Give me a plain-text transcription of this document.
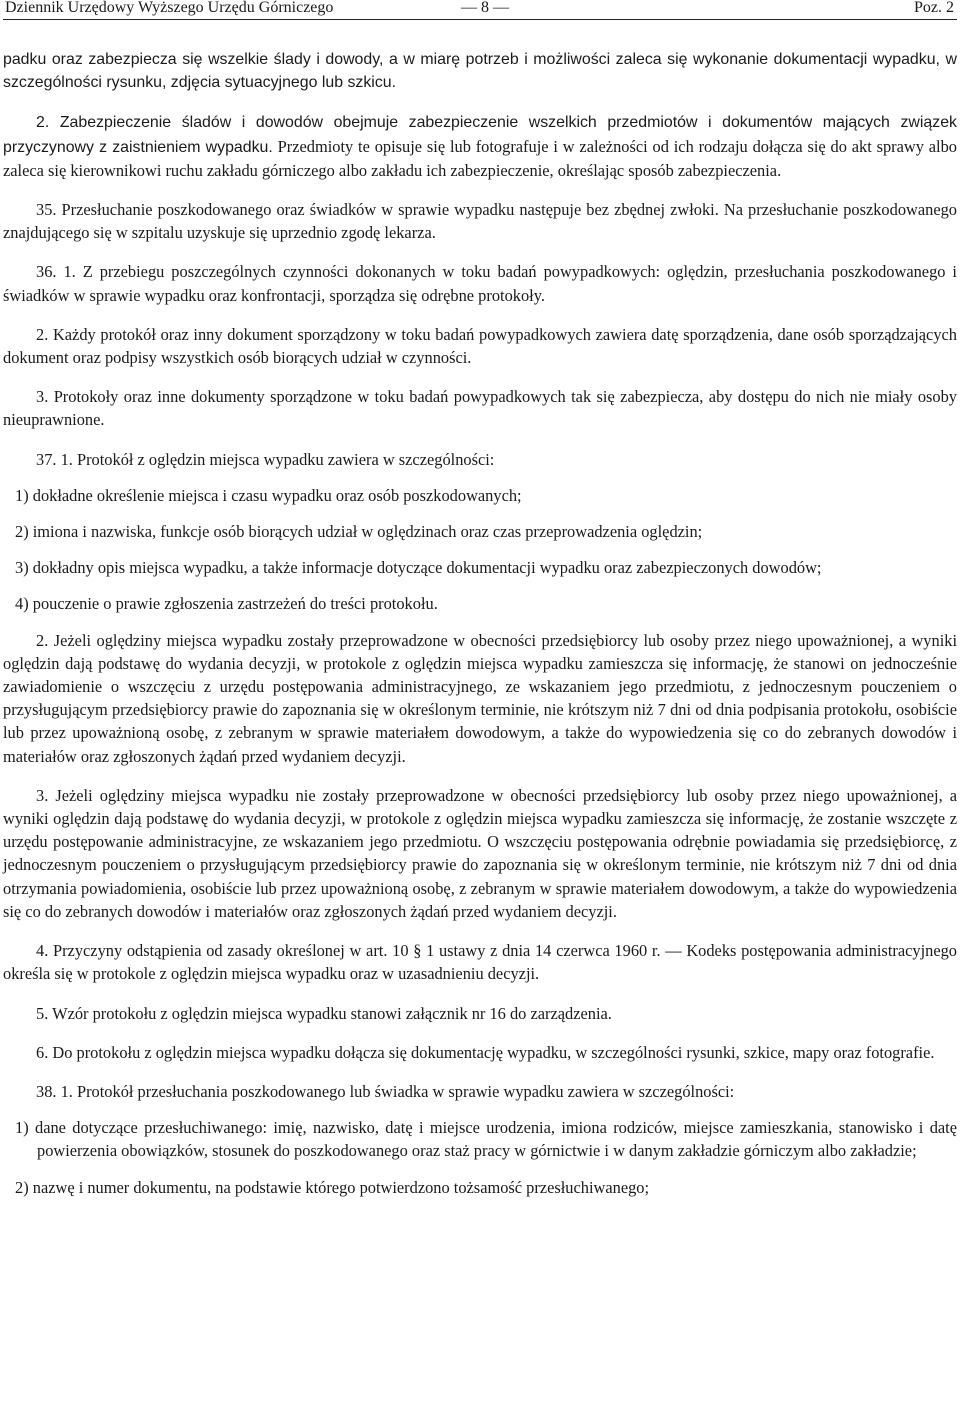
Dziennik Urzędowy Wyższego Urzędu Górniczego	— 8 —	Poz. 2

padku oraz zabezpiecza się wszelkie ślady i dowody, a w miarę potrzeb i możliwości zaleca się wykonanie dokumentacji wypadku, w szczególności rysunku, zdjęcia sytuacyjnego lub szkicu.

2. Zabezpieczenie śladów i dowodów obejmuje zabezpieczenie wszelkich przedmiotów i dokumentów mających związek przyczynowy z zaistnieniem wypadku. Przedmioty te opisuje się lub fotografuje i w zależności od ich rodzaju dołącza się do akt sprawy albo zaleca się kierownikowi ruchu zakładu górniczego albo zakładu ich zabezpieczenie, określając sposób zabezpieczenia.

35. Przesłuchanie poszkodowanego oraz świadków w sprawie wypadku następuje bez zbędnej zwłoki. Na przesłuchanie poszkodowanego znajdującego się w szpitalu uzyskuje się uprzednio zgodę lekarza.

36. 1. Z przebiegu poszczególnych czynności dokonanych w toku badań powypadkowych: oględzin, przesłuchania poszkodowanego i świadków w sprawie wypadku oraz konfrontacji, sporządza się odrębne protokoły.

2. Każdy protokół oraz inny dokument sporządzony w toku badań powypadkowych zawiera datę sporządzenia, dane osób sporządzających dokument oraz podpisy wszystkich osób biorących udział w czynności.

3. Protokoły oraz inne dokumenty sporządzone w toku badań powypadkowych tak się zabezpiecza, aby dostępu do nich nie miały osoby nieuprawnione.

37. 1. Protokół z oględzin miejsca wypadku zawiera w szczególności:

1) dokładne określenie miejsca i czasu wypadku oraz osób poszkodowanych;

2) imiona i nazwiska, funkcje osób biorących udział w oględzinach oraz czas przeprowadzenia oględzin;

3) dokładny opis miejsca wypadku, a także informacje dotyczące dokumentacji wypadku oraz zabezpieczonych dowodów;

4) pouczenie o prawie zgłoszenia zastrzeżeń do treści protokołu.

2. Jeżeli oględziny miejsca wypadku zostały przeprowadzone w obecności przedsiębiorcy lub osoby przez niego upoważnionej, a wyniki oględzin dają podstawę do wydania decyzji, w protokole z oględzin miejsca wypadku zamieszcza się informację, że stanowi on jednocześnie zawiadomienie o wszczęciu z urzędu postępowania administracyjnego, ze wskazaniem jego przedmiotu, z jednoczesnym pouczeniem o przysługującym przedsiębiorcy prawie do zapoznania się w określonym terminie, nie krótszym niż 7 dni od dnia podpisania protokołu, osobiście lub przez upoważnioną osobę, z zebranym w sprawie materiałem dowodowym, a także do wypowiedzenia się co do zebranych dowodów i materiałów oraz zgłoszonych żądań przed wydaniem decyzji.

3. Jeżeli oględziny miejsca wypadku nie zostały przeprowadzone w obecności przedsiębiorcy lub osoby przez niego upoważnionej, a wyniki oględzin dają podstawę do wydania decyzji, w protokole z oględzin miejsca wypadku zamieszcza się informację, że zostanie wszczęte z urzędu postępowanie administracyjne, ze wskazaniem jego przedmiotu. O wszczęciu postępowania odrębnie powiadamia się przedsiębiorcę, z jednoczesnym pouczeniem o przysługującym przedsiębiorcy prawie do zapoznania się w określonym terminie, nie krótszym niż 7 dni od dnia otrzymania powiadomienia, osobiście lub przez upoważnioną osobę, z zebranym w sprawie materiałem dowodowym, a także do wypowiedzenia się co do zebranych dowodów i materiałów oraz zgłoszonych żądań przed wydaniem decyzji.

4. Przyczyny odstąpienia od zasady określonej w art. 10 § 1 ustawy z dnia 14 czerwca 1960 r. — Kodeks postępowania administracyjnego określa się w protokole z oględzin miejsca wypadku oraz w uzasadnieniu decyzji.

5. Wzór protokołu z oględzin miejsca wypadku stanowi załącznik nr 16 do zarządzenia.

6. Do protokołu z oględzin miejsca wypadku dołącza się dokumentację wypadku, w szczególności rysunki, szkice, mapy oraz fotografie.

38. 1. Protokół przesłuchania poszkodowanego lub świadka w sprawie wypadku zawiera w szczególności:

1) dane dotyczące przesłuchiwanego: imię, nazwisko, datę i miejsce urodzenia, imiona rodziców, miejsce zamieszkania, stanowisko i datę powierzenia obowiązków, stosunek do poszkodowanego oraz staż pracy w górnictwie i w danym zakładzie górniczym albo zakładzie;

2) nazwę i numer dokumentu, na podstawie którego potwierdzono tożsamość przesłuchiwanego;
